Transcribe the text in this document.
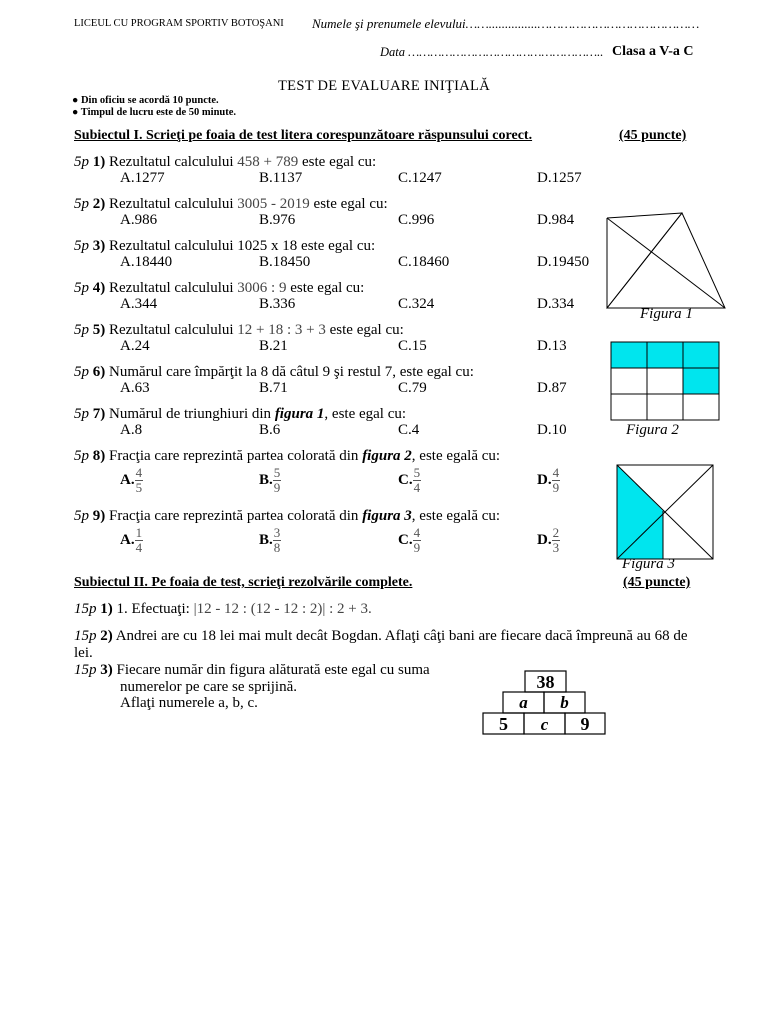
LICEUL CU PROGRAM SPORTIV BOTOŞANI Numele şi prenumele elevului……...............……………………………………
Data …………………………………………….. Clasa a V-a C
TEST DE EVALUARE INIŢIALĂ
● Din oficiu se acordă 10 puncte.
● Timpul de lucru este de 50 minute.
Subiectul I. Scrieţi pe foaia de test litera corespunzătoare răspunsului corect.	(45 puncte)
5p 1) Rezultatul calculului 458 + 789 este egal cu:
A.1277	B.1137	C.1247	D.1257
5p 2) Rezultatul calculului 3005 - 2019 este egal cu:
A.986	B.976	C.996	D.984
5p 3) Rezultatul calculului 1025 x 18 este egal cu:
A.18440	B.18450	C.18460	D.19450
5p 4) Rezultatul calculului 3006 : 9 este egal cu:
A.344	B.336	C.324	D.334
5p 5) Rezultatul calculului 12 + 18 : 3 + 3 este egal cu:
A.24	B.21	C.15	D.13
5p 6) Numărul care împărţit la 8 dă câtul 9 şi restul 7, este egal cu:
A.63	B.71	C.79	D.87
5p 7) Numărul de triunghiuri din figura 1, este egal cu:
A.8	B.6	C.4	D.10
5p 8) Fracţia care reprezintă partea colorată din figura 2, este egală cu:
A. $\frac{4}{5}$	B. $\frac{5}{9}$	C. $\frac{5}{4}$	D. $\frac{4}{9}$
5p 9) Fracţia care reprezintă partea colorată din figura 3, este egală cu:
A. $\frac{1}{4}$	B. $\frac{3}{8}$	C. $\frac{4}{9}$	D. $\frac{2}{3}$
Figura 1
Figura 2
Figura 3
Subiectul II. Pe foaia de test, scrieţi rezolvările complete.	(45 puncte)
15p 1) 1. Efectuaţi: |12 - 12 : (12 - 12 : 2)| : 2 + 3.
15p 2) Andrei are cu 18 lei mai mult decât Bogdan. Aflaţi câţi bani are fiecare dacă împreună au 68 de
lei.
15p 3) Fiecare număr din figura alăturată este egal cu suma
numerelor pe care se sprijină.
Aflaţi numerele a, b, c.
38
a b
5 c 9
